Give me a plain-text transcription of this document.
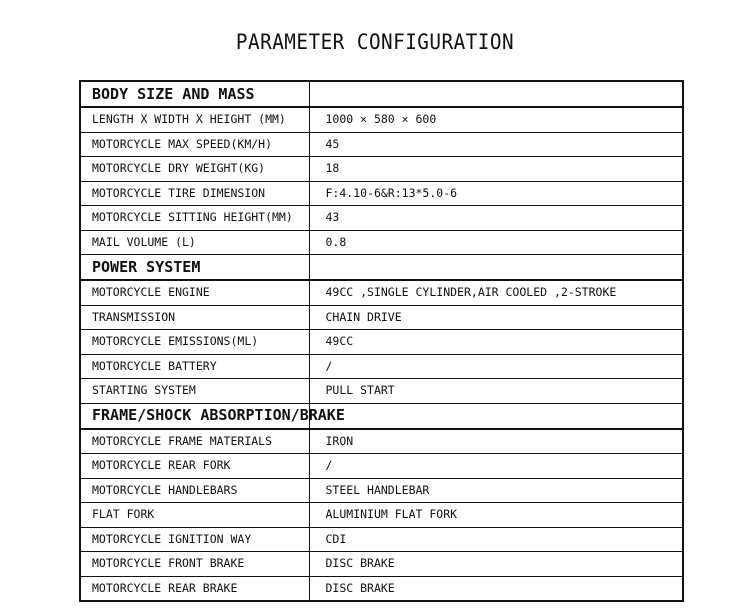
PARAMETER CONFIGURATION
BODY SIZE AND MASS	
LENGTH X WIDTH X HEIGHT (MM)	1000 × 580 × 600
MOTORCYCLE MAX SPEED(KM/H)	45
MOTORCYCLE DRY WEIGHT(KG)	18
MOTORCYCLE TIRE DIMENSION	F:4.10-6&R:13*5.0-6
MOTORCYCLE SITTING HEIGHT(MM)	43
MAIL VOLUME (L)	0.8
POWER SYSTEM	
MOTORCYCLE ENGINE	49CC ,SINGLE CYLINDER,AIR COOLED ,2-STROKE
TRANSMISSION	CHAIN DRIVE
MOTORCYCLE EMISSIONS(ML)	49CC
MOTORCYCLE BATTERY	/
STARTING SYSTEM	PULL START
FRAME/SHOCK ABSORPTION/BRAKE	
MOTORCYCLE FRAME MATERIALS	IRON
MOTORCYCLE REAR FORK	/
MOTORCYCLE HANDLEBARS	STEEL HANDLEBAR
FLAT FORK	ALUMINIUM FLAT FORK
MOTORCYCLE IGNITION WAY	CDI
MOTORCYCLE FRONT BRAKE	DISC BRAKE
MOTORCYCLE REAR BRAKE	DISC BRAKE
